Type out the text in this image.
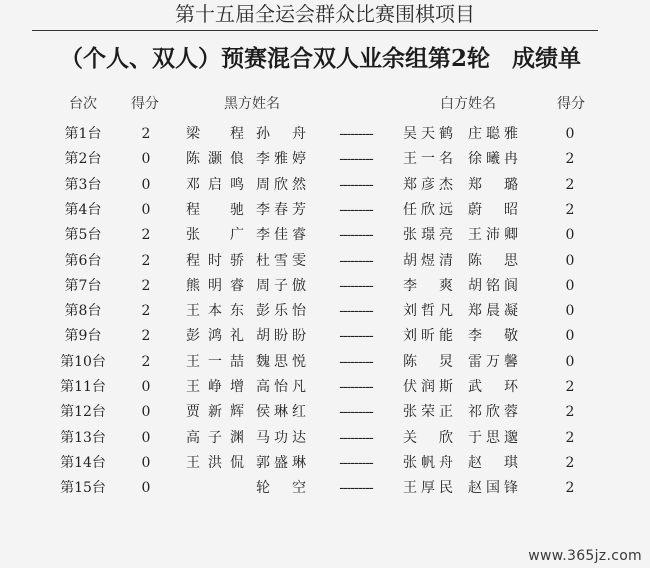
第十五届全运会群众比赛围棋项目
（个人、双人）预赛混合双人业余组第2轮 成绩单
台次	得分	黑方姓名	白方姓名	得分
第1台	2	梁程 孙舟	---------	吴天鹤 庄聪雅	0
第2台	0	陈灏俍 李雅婷	---------	王一名 徐曦冉	2
第3台	0	邓启鸣 周欣然	---------	郑彦杰 郑璐	2
第4台	0	程驰 李春芳	---------	任欣远 蔚昭	2
第5台	2	张广 李佳睿	---------	张璟亮 王沛卿	0
第6台	2	程时骄 杜雪雯	---------	胡煜清 陈思	0
第7台	2	熊明睿 周子倣	---------	李爽 胡铭阆	0
第8台	2	王本东 彭乐怡	---------	刘哲凡 郑晨凝	0
第9台	2	彭鸿礼 胡盼盼	---------	刘昕能 李敬	0
第10台	2	王一喆 魏思悦	---------	陈炅 雷万馨	0
第11台	0	王峥增 高怡凡	---------	伏润斯 武环	2
第12台	0	贾新辉 侯琳红	---------	张荣正 祁欣蓉	2
第13台	0	高子渊 马功达	---------	关欣 于思邈	2
第14台	0	王洪侃 郭盛琳	---------	张帆舟 赵琪	2
第15台	0	轮空	---------	王厚民 赵国锋	2
www.365jz.com
